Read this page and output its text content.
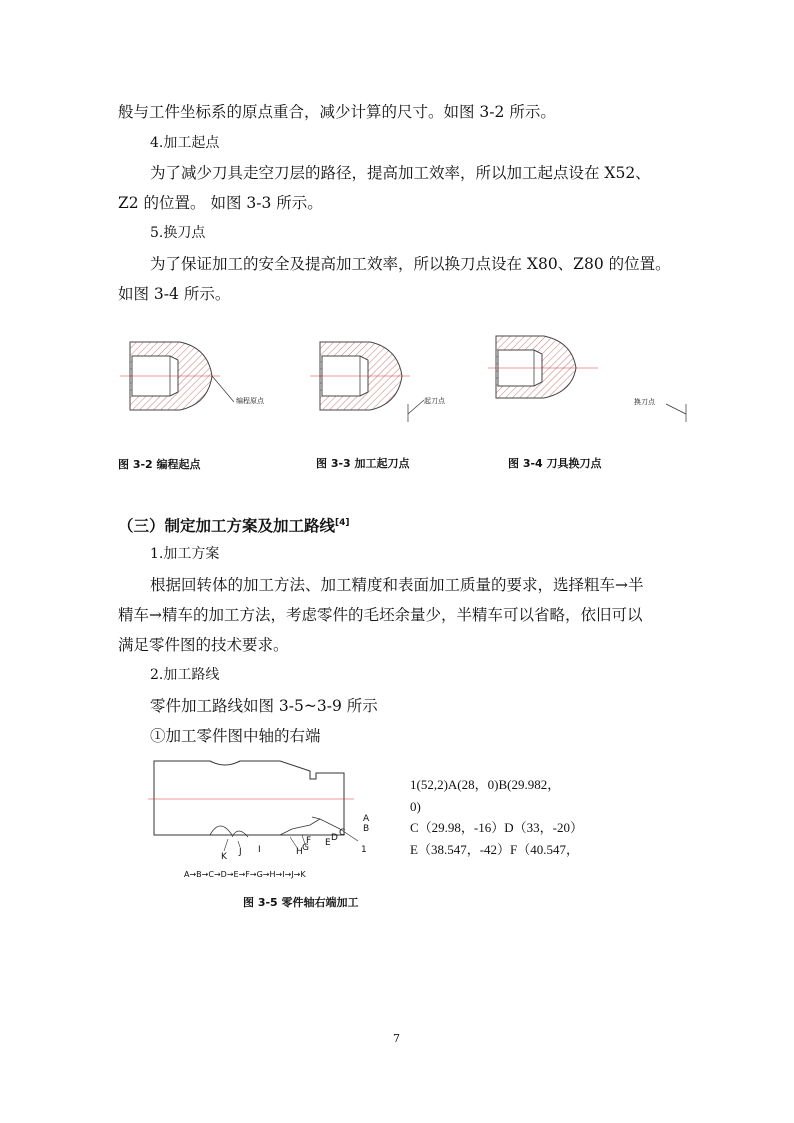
般与工件坐标系的原点重合，减少计算的尺寸。如图 3-2 所示。
4.加工起点
为了减少刀具走空刀层的路径，提高加工效率，所以加工起点设在 X52、
Z2 的位置。 如图 3-3 所示。
5.换刀点
为了保证加工的安全及提高加工效率，所以换刀点设在 X80、Z80 的位置。
如图 3-4 所示。
编程原点	起刀点	换刀点
图 3-2 编程起点	图 3-3 加工起刀点	图 3-4 刀具换刀点
（三）制定加工方案及加工路线[4]
1.加工方案
根据回转体的加工方法、加工精度和表面加工质量的要求，选择粗车→半
精车→精车的加工方法，考虑零件的毛坯余量少，半精车可以省略，依旧可以
满足零件图的技术要求。
2.加工路线
零件加工路线如图 3-5~3-9 所示
①加工零件图中轴的右端
A
B
C
D
E
F
G
H
I
J
K
1
A→B→C→D→E→F→G→H→I→J→K
图 3-5 零件轴右端加工
1(52,2)A(28，0)B(29.982，
0)
C（29.98，-16）D（33，-20）
E（38.547，-42）F（40.547，
7
